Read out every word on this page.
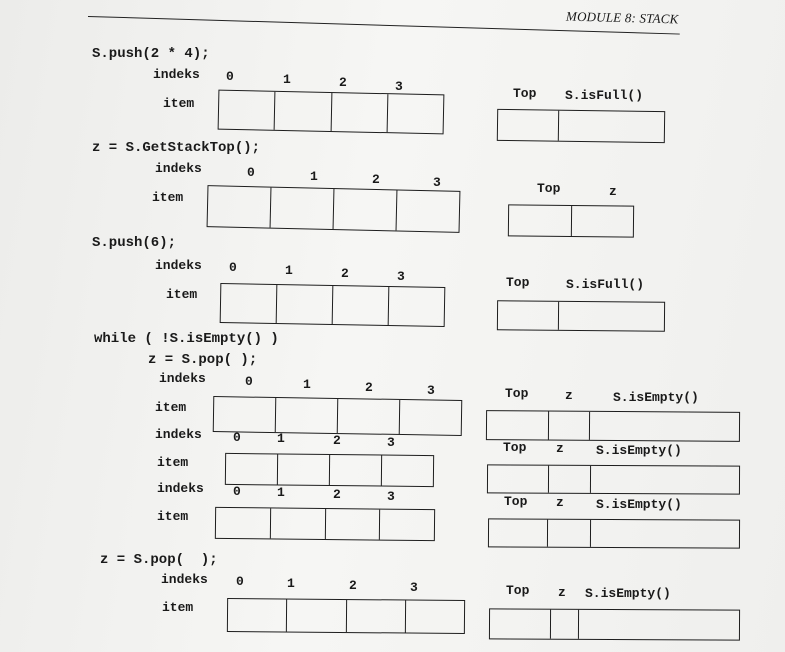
MODULE 8: STACK
S.push(2 * 4);
indeks 0	1	2	3
item
Top S.isFull()
z = S.GetStackTop();
indeks	0	1	2	3
item
Top	z
S.push(6);
indeks 0	1	2	3
item
Top	S.isFull()
while ( !S.isEmpty() )
z = S.pop( );
indeks	0	1	2	3
item
Top	z	S.isEmpty()
indeks 0	1	2	3
item
Top z S.isEmpty()
indeks 0	1	2	3
item
Top z S.isEmpty()
z = S.pop(  );
indeks 0	1	2	3
item
Top z S.isEmpty()
